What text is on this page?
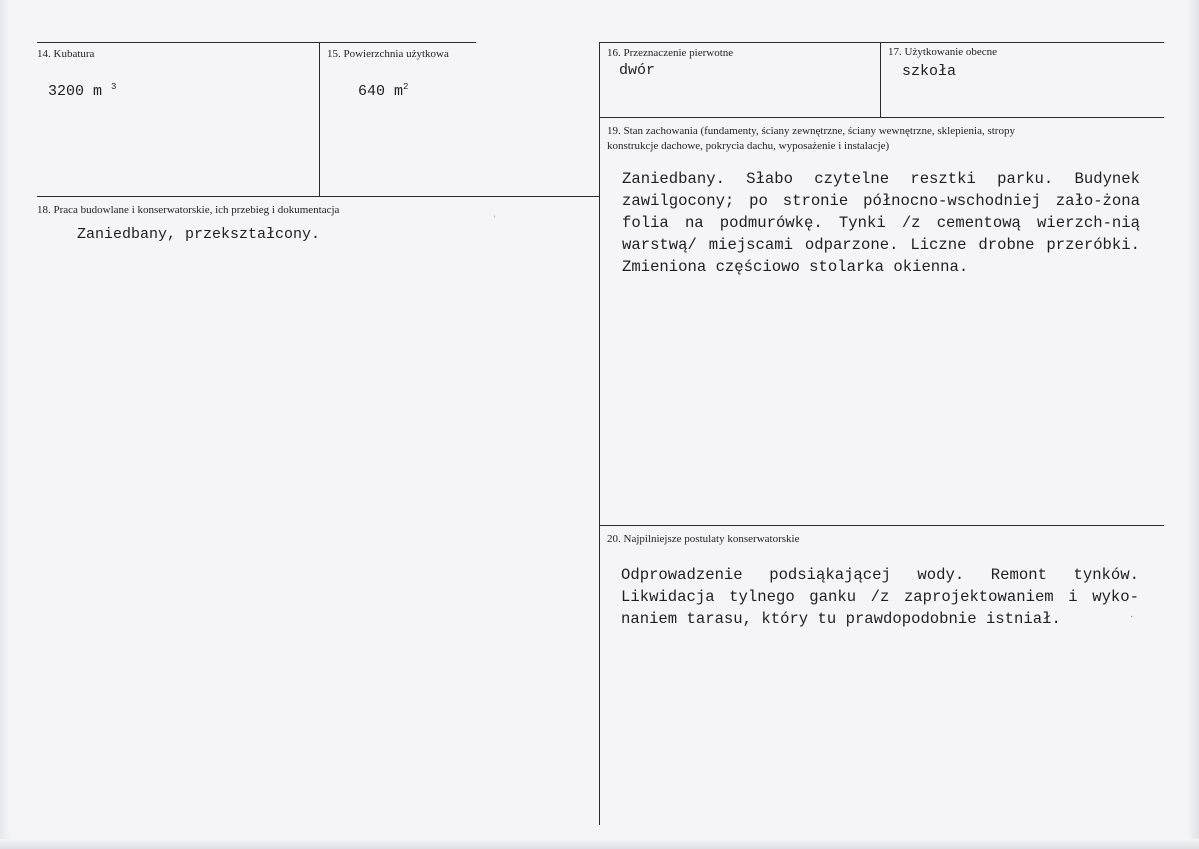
14. Kubatura
3200 m $^3$
15. Powierzchnia użytkowa
640 $m^2$
16. Przeznaczenie pierwotne
dwór
17. Użytkowanie obecne
szkoła
19. Stan zachowania (fundamenty, ściany zewnętrzne, ściany wewnętrzne, sklepienia, stropy
konstrukcje dachowe, pokrycia dachu, wyposażenie i instalacje)
Zaniedbany. Słabo czytelne resztki parku. Budynek zawilgocony; po stronie północno-wschodniej zało-żona folia na podmurówkę. Tynki /z cementową wierzch-nią warstwą/ miejscami odparzone. Liczne drobne przeróbki. Zmieniona częściowo stolarka okienna.
18. Praca budowlane i konserwatorskie, ich przebieg i dokumentacja
Zaniedbany, przekształcony.
20. Najpilniejsze postulaty konserwatorskie
Odprowadzenie podsiąkającej wody. Remont tynków. Likwidacja tylnego ganku /z zaprojektowaniem i wyko-naniem tarasu, który tu prawdopodobnie istniał.
˒
·
